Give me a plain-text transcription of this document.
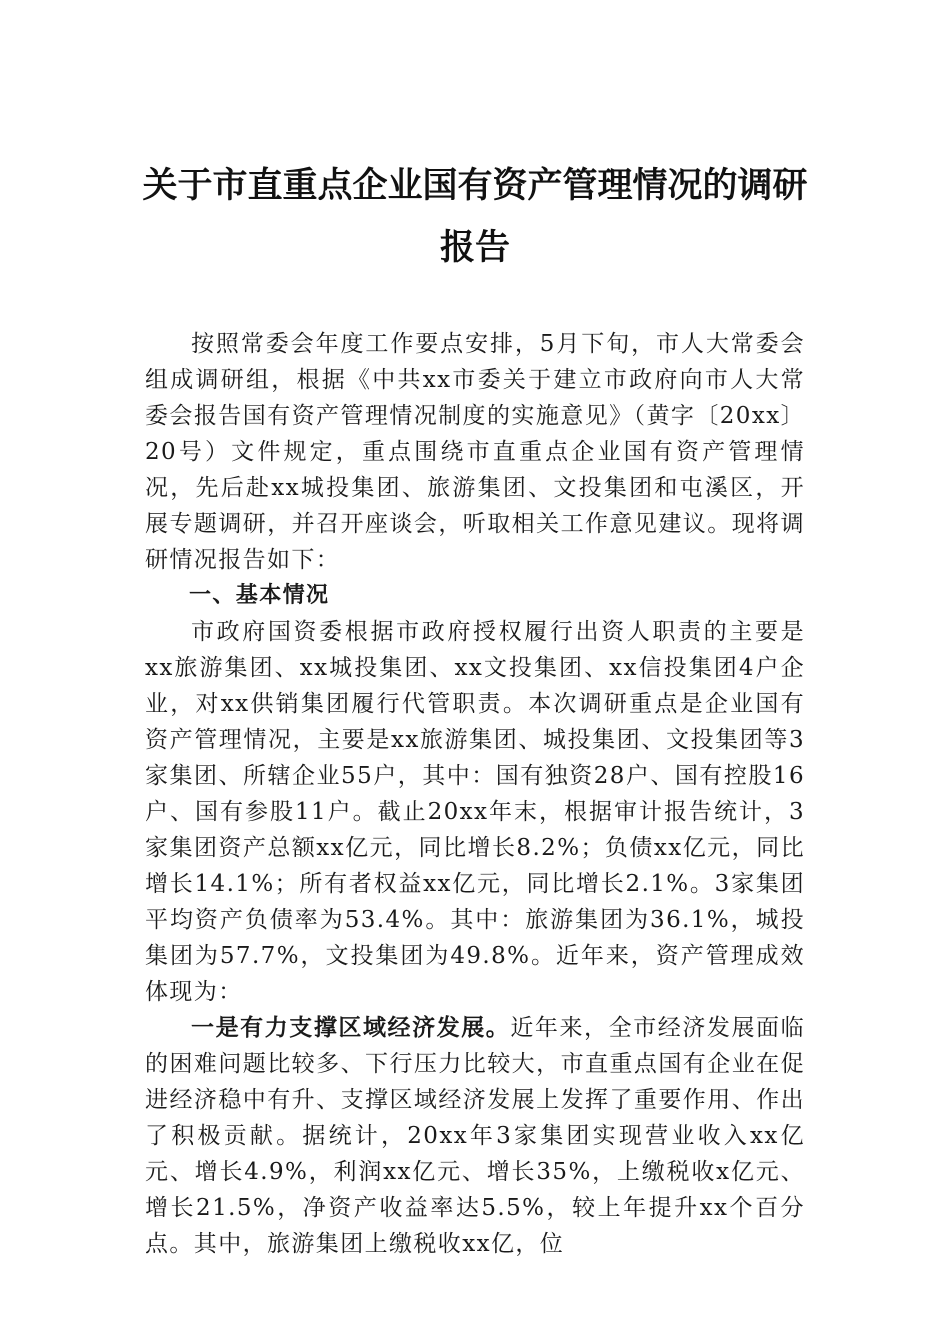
关于市直重点企业国有资产管理情况的调研报告

按照常委会年度工作要点安排，5月下旬，市人大常委会组成调研组，根据《中共xx市委关于建立市政府向市人大常委会报告国有资产管理情况制度的实施意见》（黄字〔20xx〕20号）文件规定，重点围绕市直重点企业国有资产管理情况，先后赴xx城投集团、旅游集团、文投集团和屯溪区，开展专题调研，并召开座谈会，听取相关工作意见建议。现将调研情况报告如下：

一、基本情况

市政府国资委根据市政府授权履行出资人职责的主要是xx旅游集团、xx城投集团、xx文投集团、xx信投集团4户企业，对xx供销集团履行代管职责。本次调研重点是企业国有资产管理情况，主要是xx旅游集团、城投集团、文投集团等3家集团、所辖企业55户，其中：国有独资28户、国有控股16户、国有参股11户。截止20xx年末，根据审计报告统计，3家集团资产总额xx亿元，同比增长8.2%；负债xx亿元，同比增长14.1%；所有者权益xx亿元，同比增长2.1%。3家集团平均资产负债率为53.4%。其中：旅游集团为36.1%，城投集团为57.7%，文投集团为49.8%。近年来，资产管理成效体现为：

一是有力支撑区域经济发展。近年来，全市经济发展面临的困难问题比较多、下行压力比较大，市直重点国有企业在促进经济稳中有升、支撑区域经济发展上发挥了重要作用、作出了积极贡献。据统计，20xx年3家集团实现营业收入xx亿元、增长4.9%，利润xx亿元、增长35%，上缴税收x亿元、增长21.5%，净资产收益率达5.5%，较上年提升xx个百分点。其中，旅游集团上缴税收xx亿，位
